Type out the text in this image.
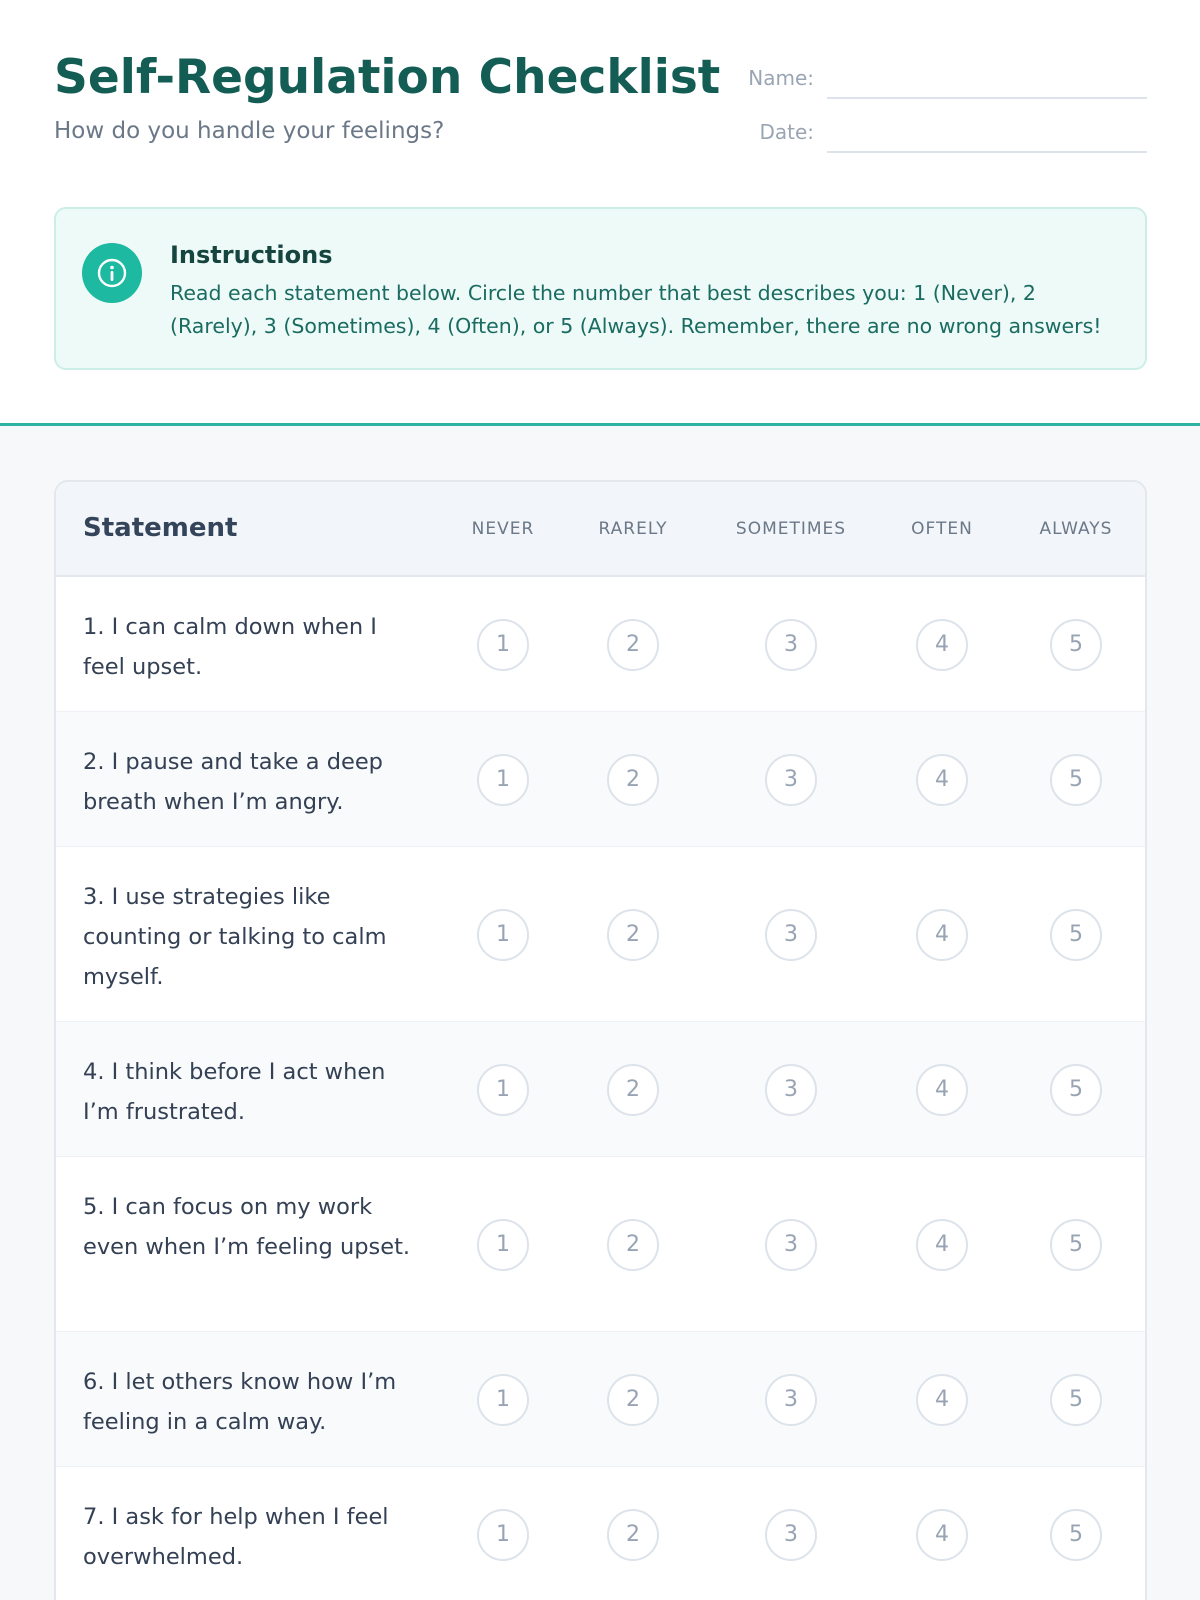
Self-Regulation Checklist
How do you handle your feelings?
Name:
Date:
Instructions
Read each statement below. Circle the number that best describes you: 1 (Never), 2 (Rarely), 3 (Sometimes), 4 (Often), or 5 (Always). Remember, there are no wrong answers!
Statement	NEVER	RARELY	SOMETIMES	OFTEN	ALWAYS
1. I can calm down when I feel upset.
1	2	3	4	5
2. I pause and take a deep breath when I’m angry.
1	2	3	4	5
3. I use strategies like counting or talking to calm myself.
1	2	3	4	5
4. I think before I act when I’m frustrated.
1	2	3	4	5
5. I can focus on my work even when I’m feeling upset.	1	2	3	4	5
6. I let others know how I’m feeling in a calm way.
1	2	3	4	5
7. I ask for help when I feel overwhelmed.
1	2	3	4	5
